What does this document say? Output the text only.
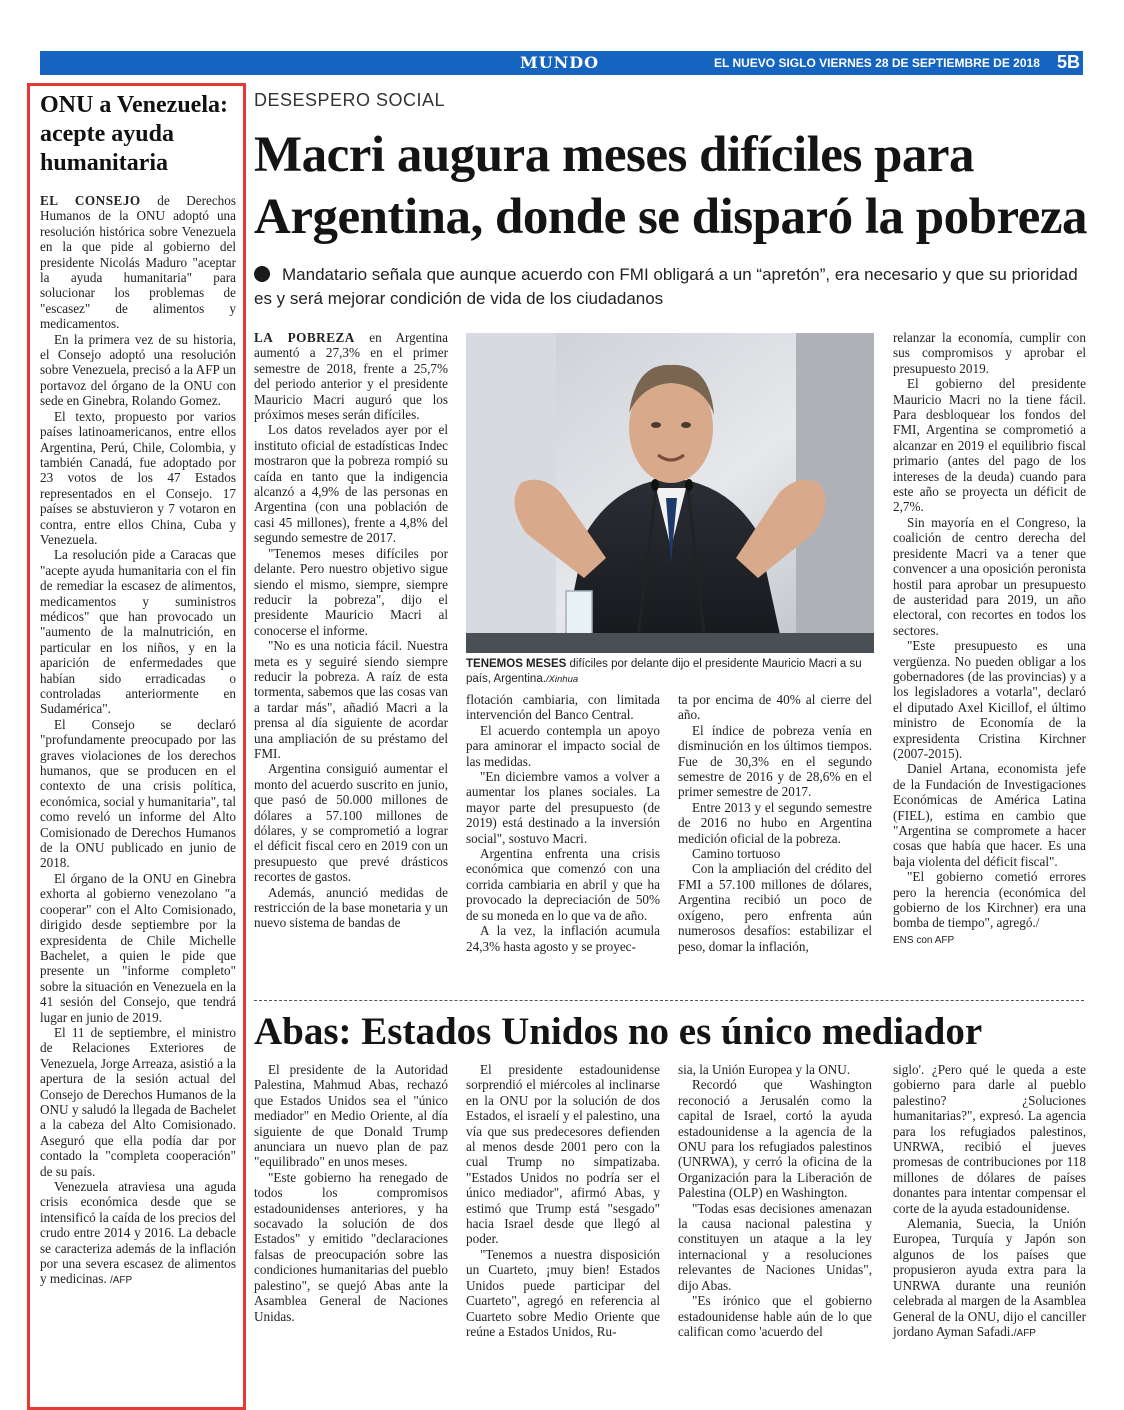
MUNDO	EL NUEVO SIGLO VIERNES 28 DE SEPTIEMBRE DE 2018 5B
ONU a Venezuela: acepte ayuda humanitaria

EL CONSEJO de Derechos Humanos de la ONU adoptó una resolución histórica sobre Venezuela en la que pide al gobierno del presidente Nicolás Maduro "aceptar la ayuda humanitaria" para solucionar los problemas de "escasez" de alimentos y medicamentos.

En la primera vez de su historia, el Consejo adoptó una resolución sobre Venezuela, precisó a la AFP un portavoz del órgano de la ONU con sede en Ginebra, Rolando Gomez.

El texto, propuesto por varios países latinoamericanos, entre ellos Argentina, Perú, Chile, Colombia, y también Canadá, fue adoptado por 23 votos de los 47 Estados representados en el Consejo. 17 países se abstuvieron y 7 votaron en contra, entre ellos China, Cuba y Venezuela.

La resolución pide a Caracas que "acepte ayuda humanitaria con el fin de remediar la escasez de alimentos, medicamentos y suministros médicos" que han provocado un "aumento de la malnutrición, en particular en los niños, y en la aparición de enfermedades que habían sido erradicadas o controladas anteriormente en Sudamérica".

El Consejo se declaró "profundamente preocupado por las graves violaciones de los derechos humanos, que se producen en el contexto de una crisis política, económica, social y humanitaria", tal como reveló un informe del Alto Comisionado de Derechos Humanos de la ONU publicado en junio de 2018.

El órgano de la ONU en Ginebra exhorta al gobierno venezolano "a cooperar" con el Alto Comisionado, dirigido desde septiembre por la expresidenta de Chile Michelle Bachelet, a quien le pide que presente un "informe completo" sobre la situación en Venezuela en la 41 sesión del Consejo, que tendrá lugar en junio de 2019.

El 11 de septiembre, el ministro de Relaciones Exteriores de Venezuela, Jorge Arreaza, asistió a la apertura de la sesión actual del Consejo de Derechos Humanos de la ONU y saludó la llegada de Bachelet a la cabeza del Alto Comisionado. Aseguró que ella podía dar por contado la "completa cooperación" de su país.

Venezuela atraviesa una aguda crisis económica desde que se intensificó la caída de los precios del crudo entre 2014 y 2016. La debacle se caracteriza además de la inflación por una severa escasez de alimentos y medicinas. /AFP

DESESPERO SOCIAL
Macri augura meses difíciles para Argentina, donde se disparó la pobreza
Mandatario señala que aunque acuerdo con FMI obligará a un “apretón”, era necesario y que su prioridad es y será mejorar condición de vida de los ciudadanos

LA POBREZA en Argentina aumentó a 27,3% en el primer semestre de 2018, frente a 25,7% del periodo anterior y el presidente Mauricio Macri auguró que los próximos meses serán difíciles.

Los datos revelados ayer por el instituto oficial de estadísticas Indec mostraron que la pobreza rompió su caída en tanto que la indigencia alcanzó a 4,9% de las personas en Argentina (con una población de casi 45 millones), frente a 4,8% del segundo semestre de 2017.

"Tenemos meses difíciles por delante. Pero nuestro objetivo sigue siendo el mismo, siempre, siempre reducir la pobreza", dijo el presidente Mauricio Macri al conocerse el informe.

"No es una noticia fácil. Nuestra meta es y seguiré siendo siempre reducir la pobreza. A raíz de esta tormenta, sabemos que las cosas van a tardar más", añadió Macri a la prensa al día siguiente de acordar una ampliación de su préstamo del FMI.

Argentina consiguió aumentar el monto del acuerdo suscrito en junio, que pasó de 50.000 millones de dólares a 57.100 millones de dólares, y se comprometió a lograr el déficit fiscal cero en 2019 con un presupuesto que prevé drásticos recortes de gastos.

Además, anunció medidas de restricción de la base monetaria y un nuevo sistema de bandas de

TENEMOS MESES difíciles por delante dijo el presidente Mauricio Macri a su país, Argentina./Xinhua

flotación cambiaria, con limitada intervención del Banco Central.

El acuerdo contempla un apoyo para aminorar el impacto social de las medidas.

"En diciembre vamos a volver a aumentar los planes sociales. La mayor parte del presupuesto (de 2019) está destinado a la inversión social", sostuvo Macri.

Argentina enfrenta una crisis económica que comenzó con una corrida cambiaria en abril y que ha provocado la depreciación de 50% de su moneda en lo que va de año.

A la vez, la inflación acumula 24,3% hasta agosto y se proyec-

ta por encima de 40% al cierre del año.

El índice de pobreza venía en disminución en los últimos tiempos. Fue de 30,3% en el segundo semestre de 2016 y de 28,6% en el primer semestre de 2017.

Entre 2013 y el segundo semestre de 2016 no hubo en Argentina medición oficial de la pobreza.

Camino tortuoso

Con la ampliación del crédito del FMI a 57.100 millones de dólares, Argentina recibió un poco de oxígeno, pero enfrenta aún numerosos desafíos: estabilizar el peso, domar la inflación,

relanzar la economía, cumplir con sus compromisos y aprobar el presupuesto 2019.

El gobierno del presidente Mauricio Macri no la tiene fácil. Para desbloquear los fondos del FMI, Argentina se comprometió a alcanzar en 2019 el equilibrio fiscal primario (antes del pago de los intereses de la deuda) cuando para este año se proyecta un déficit de 2,7%.

Sin mayoría en el Congreso, la coalición de centro derecha del presidente Macri va a tener que convencer a una oposición peronista hostil para aprobar un presupuesto de austeridad para 2019, un año electoral, con recortes en todos los sectores.

"Este presupuesto es una vergüenza. No pueden obligar a los gobernadores (de las provincias) y a los legisladores a votarla", declaró el diputado Axel Kicillof, el último ministro de Economía de la expresidenta Cristina Kirchner (2007-2015).

Daniel Artana, economista jefe de la Fundación de Investigaciones Económicas de América Latina (FIEL), estima en cambio que "Argentina se compromete a hacer cosas que había que hacer. Es una baja violenta del déficit fiscal".

"El gobierno cometió errores pero la herencia (económica del gobierno de los Kirchner) era una bomba de tiempo", agregó./

ENS con AFP

Abas: Estados Unidos no es único mediador

El presidente de la Autoridad Palestina, Mahmud Abas, rechazó que Estados Unidos sea el "único mediador" en Medio Oriente, al día siguiente de que Donald Trump anunciara un nuevo plan de paz "equilibrado" en unos meses.

"Este gobierno ha renegado de todos los compromisos estadounidenses anteriores, y ha socavado la solución de dos Estados" y emitido "declaraciones falsas de preocupación sobre las condiciones humanitarias del pueblo palestino", se quejó Abas ante la Asamblea General de Naciones Unidas.

El presidente estadounidense sorprendió el miércoles al inclinarse en la ONU por la solución de dos Estados, el israelí y el palestino, una vía que sus predecesores defienden al menos desde 2001 pero con la cual Trump no simpatizaba. "Estados Unidos no podría ser el único mediador", afirmó Abas, y estimó que Trump está "sesgado" hacia Israel desde que llegó al poder.

"Tenemos a nuestra disposición un Cuarteto, ¡muy bien! Estados Unidos puede participar del Cuarteto", agregó en referencia al Cuarteto sobre Medio Oriente que reúne a Estados Unidos, Ru-

sia, la Unión Europea y la ONU.

Recordó que Washington reconoció a Jerusalén como la capital de Israel, cortó la ayuda estadounidense a la agencia de la ONU para los refugiados palestinos (UNRWA), y cerró la oficina de la Organización para la Liberación de Palestina (OLP) en Washington.

"Todas esas decisiones amenazan la causa nacional palestina y constituyen un ataque a la ley internacional y a resoluciones relevantes de Naciones Unidas", dijo Abas.

"Es irónico que el gobierno estadounidense hable aún de lo que califican como 'acuerdo del

siglo'. ¿Pero qué le queda a este gobierno para darle al pueblo palestino? ¿Soluciones humanitarias?", expresó. La agencia para los refugiados palestinos, UNRWA, recibió el jueves promesas de contribuciones por 118 millones de dólares de países donantes para intentar compensar el corte de la ayuda estadounidense.

Alemania, Suecia, la Unión Europea, Turquía y Japón son algunos de los países que propusieron ayuda extra para la UNRWA durante una reunión celebrada al margen de la Asamblea General de la ONU, dijo el canciller jordano Ayman Safadi./AFP
